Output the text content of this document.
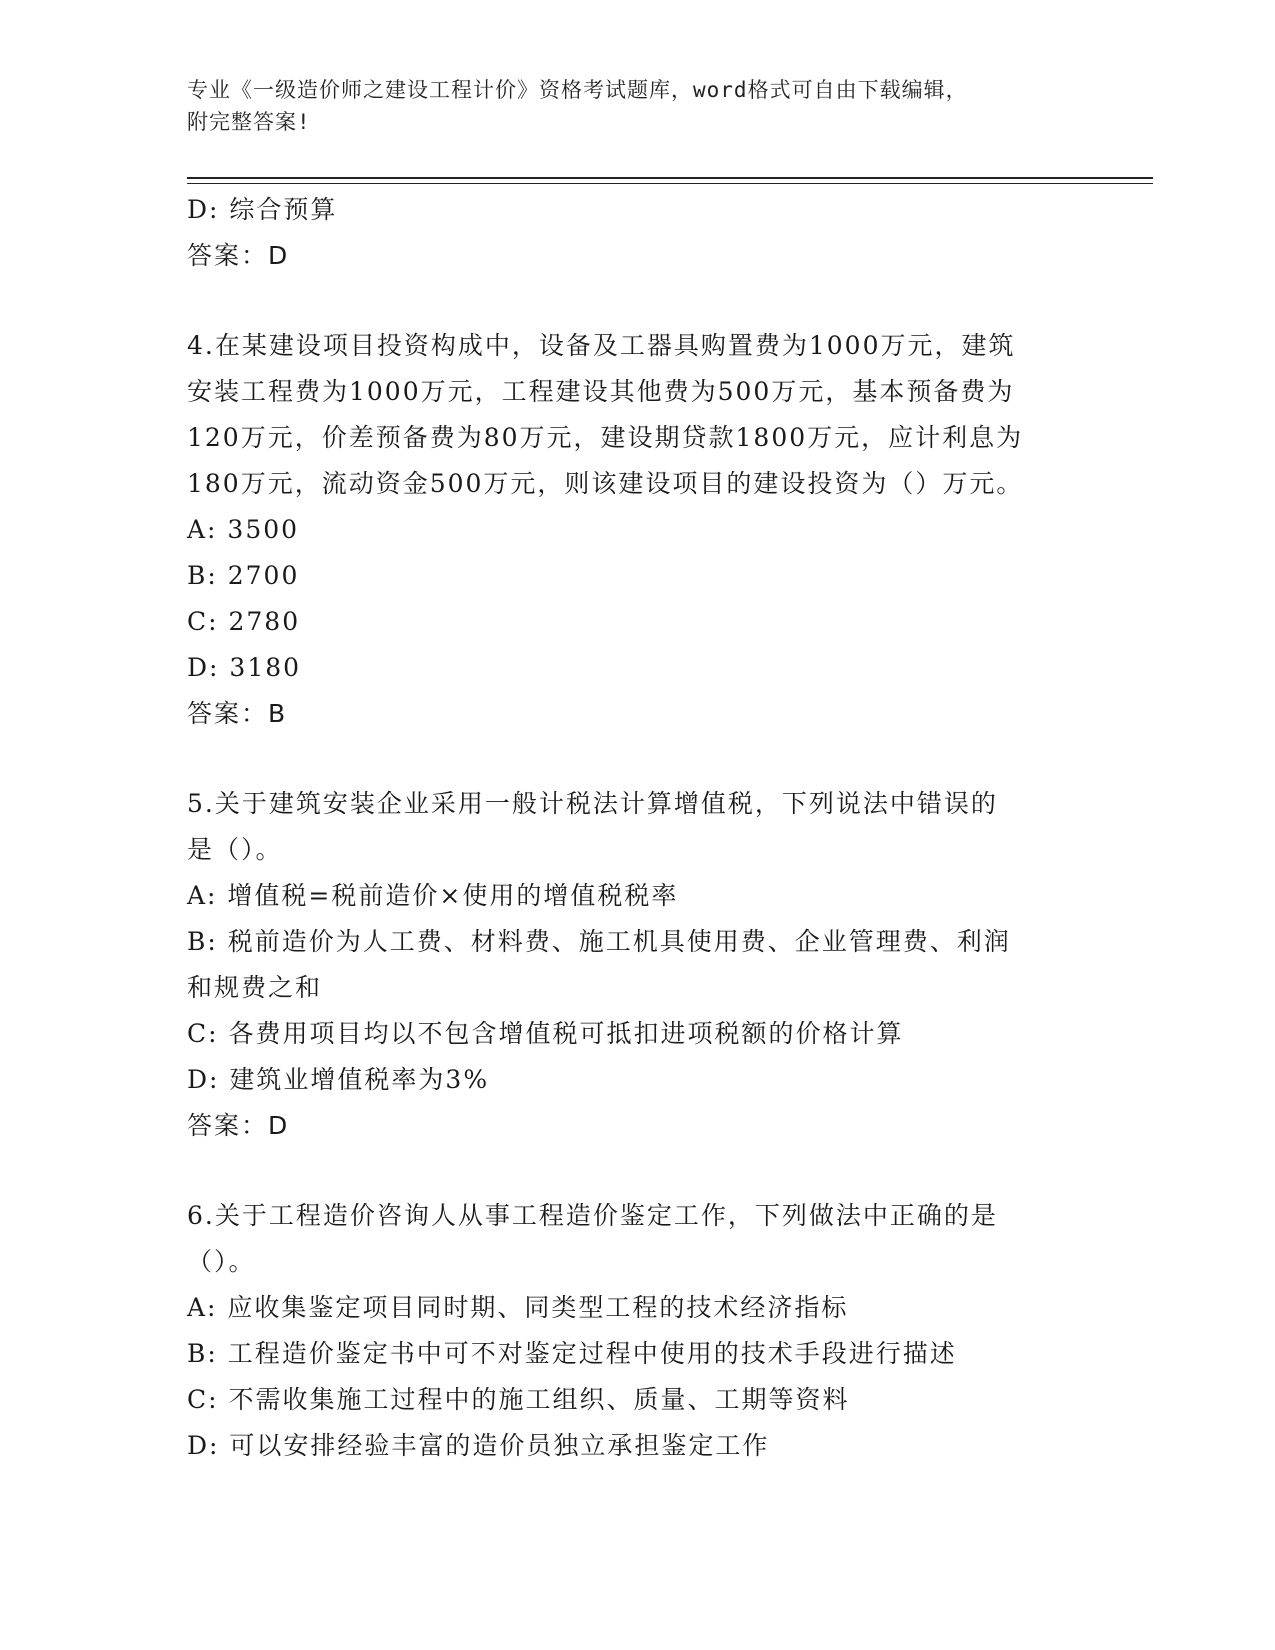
专业《一级造价师之建设工程计价》资格考试题库，word格式可自由下载编辑，
附完整答案!
D: 综合预算
答案：D
4.在某建设项目投资构成中，设备及工器具购置费为1000万元，建筑
安装工程费为1000万元，工程建设其他费为500万元，基本预备费为
120万元，价差预备费为80万元，建设期贷款1800万元，应计利息为
180万元，流动资金500万元，则该建设项目的建设投资为（）万元。
A: 3500
B: 2700
C: 2780
D: 3180
答案：B
5.关于建筑安装企业采用一般计税法计算增值税，下列说法中错误的
是（）。
A: 增值税=税前造价×使用的增值税税率
B: 税前造价为人工费、材料费、施工机具使用费、企业管理费、利润
和规费之和
C: 各费用项目均以不包含增值税可抵扣进项税额的价格计算
D: 建筑业增值税率为3%
答案：D
6.关于工程造价咨询人从事工程造价鉴定工作，下列做法中正确的是
（）。
A: 应收集鉴定项目同时期、同类型工程的技术经济指标
B: 工程造价鉴定书中可不对鉴定过程中使用的技术手段进行描述
C: 不需收集施工过程中的施工组织、质量、工期等资料
D: 可以安排经验丰富的造价员独立承担鉴定工作
